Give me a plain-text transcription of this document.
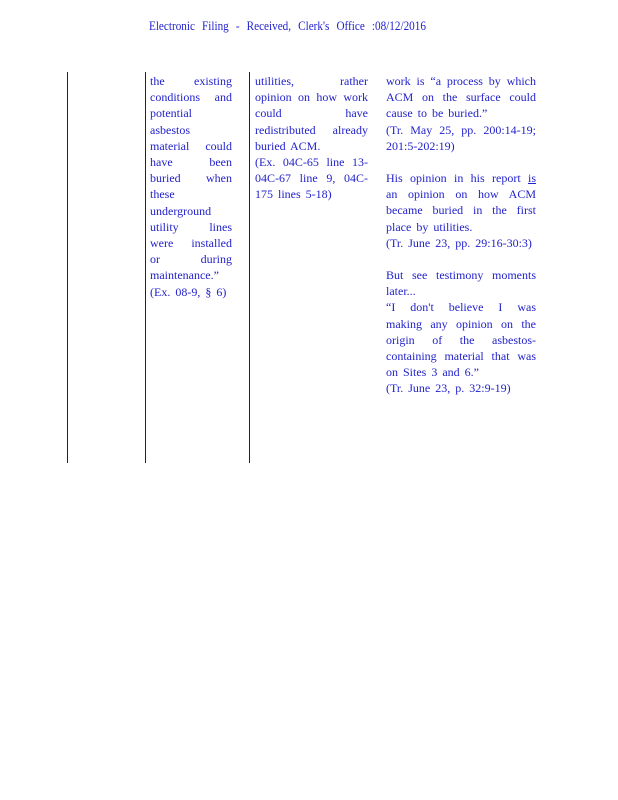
Electronic Filing - Received, Clerk's Office :08/12/2016

the existing conditions and potential asbestos material could have been buried when these underground utility lines were installed or during maintenance.”

(Ex. 08-9, § 6)

utilities, rather opinion on how work could have redistributed already buried ACM.

(Ex. 04C-65 line 13-04C-67 line 9, 04C-175 lines 5-18)

work is “a process by which ACM on the surface could cause to be buried.”

(Tr. May 25, pp. 200:14-19; 201:5-202:19)

His opinion in his report is an opinion on how ACM became buried in the first place by utilities.

(Tr. June 23, pp. 29:16-30:3)

But see testimony moments later...

“I don't believe I was making any opinion on the origin of the asbestos-containing material that was on Sites 3 and 6.”

(Tr. June 23, p. 32:9-19)
